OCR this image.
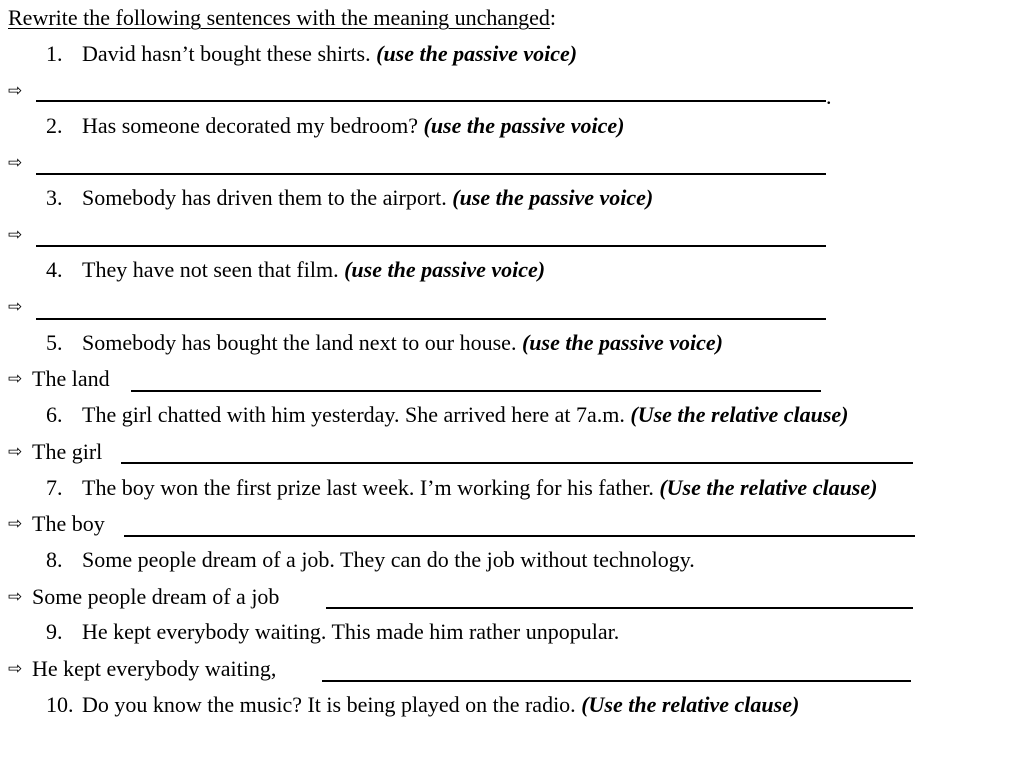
Rewrite the following sentences with the meaning unchanged:
1. David hasn’t bought these shirts. (use the passive voice)
⇨	.
2. Has someone decorated my bedroom? (use the passive voice)
⇨
3. Somebody has driven them to the airport. (use the passive voice)
⇨
4. They have not seen that film. (use the passive voice)
⇨
5. Somebody has bought the land next to our house. (use the passive voice)
⇨ The land
6. The girl chatted with him yesterday. She arrived here at 7a.m. (Use the relative clause)
⇨ The girl
7. The boy won the first prize last week. I’m working for his father. (Use the relative clause)
⇨ The boy
8. Some people dream of a job. They can do the job without technology.
⇨ Some people dream of a job
9. He kept everybody waiting. This made him rather unpopular.
⇨ He kept everybody waiting,
10. Do you know the music? It is being played on the radio. (Use the relative clause)
